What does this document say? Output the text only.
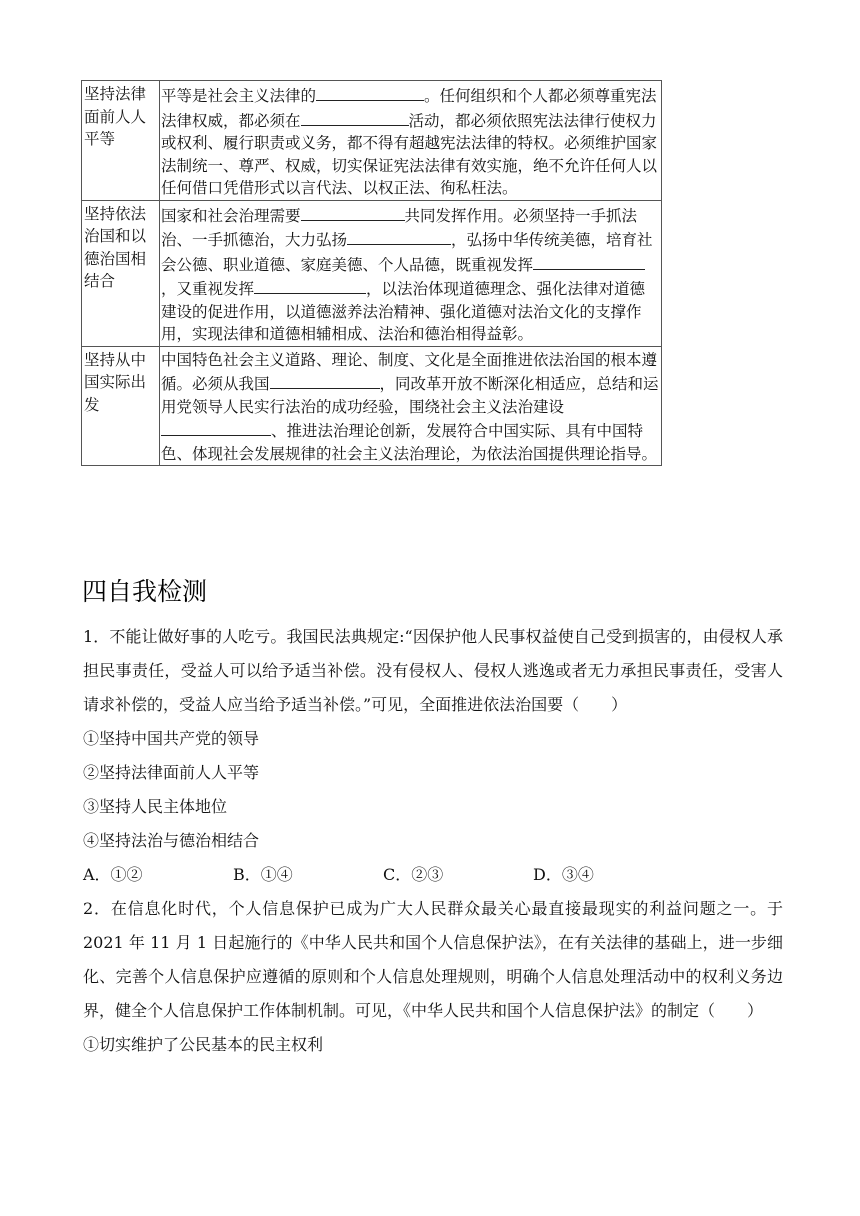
坚持法律面前人人平等	平等是社会主义法律的 。任何组织和个人都必须尊重宪法法律权威，都必须在 活动，都必须依照宪法法律行使权力或权利、履行职责或义务，都不得有超越宪法法律的特权。必须维护国家法制统一、尊严、权威，切实保证宪法法律有效实施，绝不允许任何人以任何借口凭借形式以言代法、以权正法、徇私枉法。

坚持依法治国和以德治国相结合	国家和社会治理需要 共同发挥作用。必须坚持一手抓法治、一手抓德治，大力弘扬 ，弘扬中华传统美德，培育社会公德、职业道德、家庭美德、个人品德，既重视发挥，又重视发挥 ，以法治体现道德理念、强化法律对道德建设的促进作用，以道德滋养法治精神、强化道德对法治文化的支撑作用，实现法律和道德相辅相成、法治和德治相得益彰。

坚持从中国实际出发	中国特色社会主义道路、理论、制度、文化是全面推进依法治国的根本遵循。必须从我国 ，同改革开放不断深化相适应，总结和运用党领导人民实行法治的成功经验，围绕社会主义法治建设、推进法治理论创新，发展符合中国实际、具有中国特色、体现社会发展规律的社会主义法治理论，为依法治国提供理论指导。
四自我检测
1．不能让做好事的人吃亏。我国民法典规定:“因保护他人民事权益使自己受到损害的，由侵权人承担民事责任，受益人可以给予适当补偿。没有侵权人、侵权人逃逸或者无力承担民事责任，受害人请求补偿的，受益人应当给予适当补偿。”可见，全面推进依法治国要（　　）
①坚持中国共产党的领导
②坚持法律面前人人平等
③坚持人民主体地位
④坚持法治与德治相结合
A．①②	B．①④	C．②③	D．③④
2．在信息化时代，个人信息保护已成为广大人民群众最关心最直接最现实的利益问题之一。于 2021 年 11 月 1 日起施行的《中华人民共和国个人信息保护法》，在有关法律的基础上，进一步细化、完善个人信息保护应遵循的原则和个人信息处理规则，明确个人信息处理活动中的权利义务边界，健全个人信息保护工作体制机制。可见，《中华人民共和国个人信息保护法》的制定（　　）
①切实维护了公民基本的民主权利
